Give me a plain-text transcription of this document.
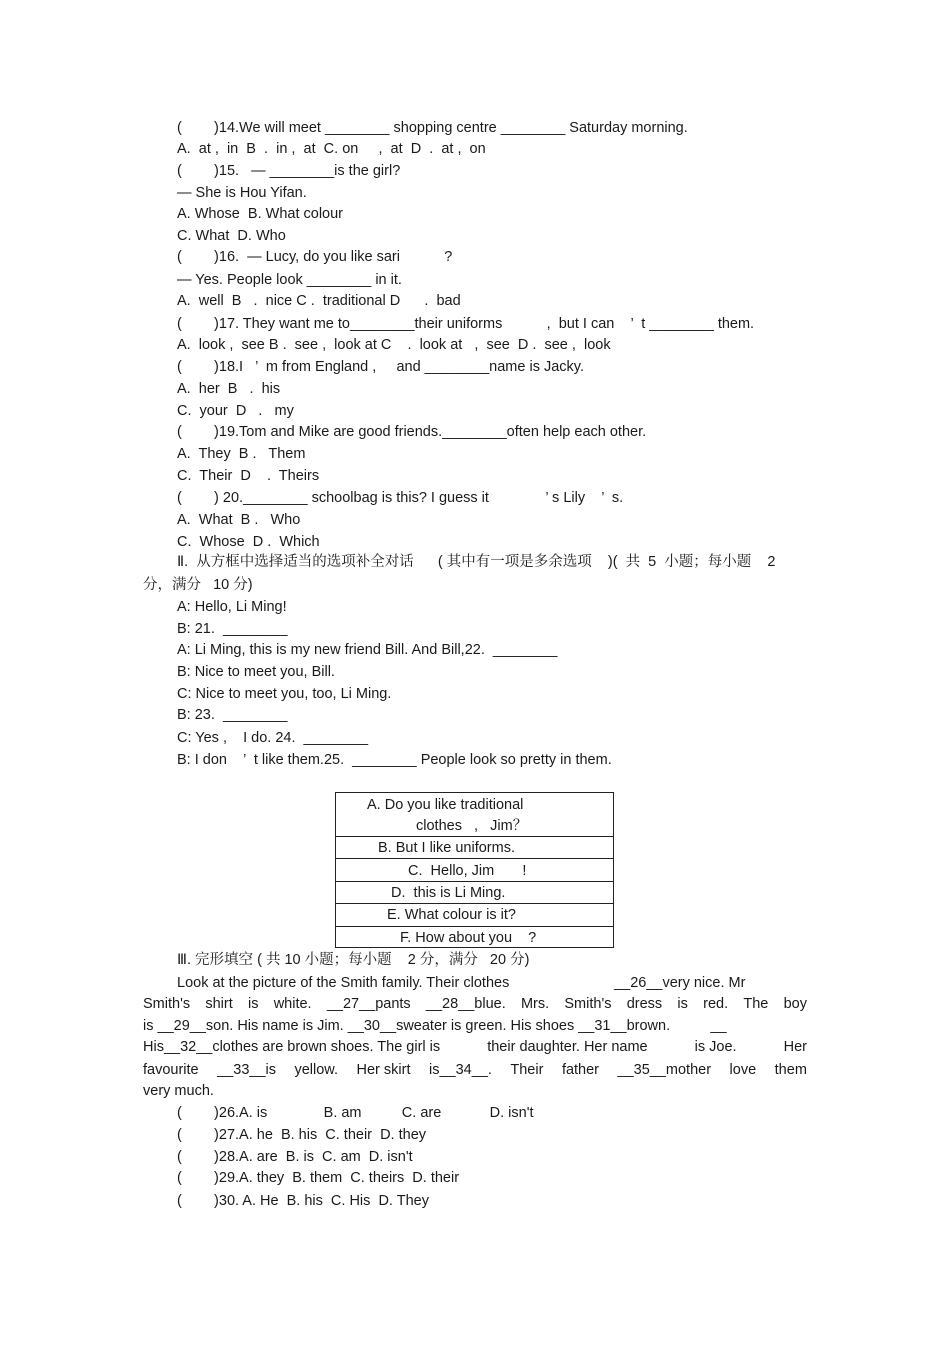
(        )14.We will meet ________ shopping centre ________ Saturday morning.
A.  at ,  in  B  .  in ,  at  C. on     ,  at  D  .  at ,  on
(        )15.   — ________is the girl?
— She is Hou Yifan.
A. Whose  B. What colour
C. What  D. Who
(        )16.  — Lucy, do you like sari           ?
— Yes. People look ________ in it.
A.  well  B   .  nice C .  traditional D      .  bad
(        )17. They want me to________their uniforms           ,  but I can    ’  t ________ them.
A.  look ,  see B .  see ,  look at C    .  look at   ,  see  D .  see ,  look
(        )18.I   ’  m from England ,     and ________name is Jacky.
A.  her  B   .  his
C.  your  D   .   my
(        )19.Tom and Mike are good friends.________often help each other.
A.  They  B .   Them
C.  Their  D    .  Theirs
(        ) 20.________ schoolbag is this? I guess it              ’ s Lily    ’  s.
A.  What  B .   Who
C.  Whose  D .  Which
Ⅱ.  从方框中选择适当的选项补全对话      ( 其中有一项是多余选项    )(  共  5  小题；每小题    2
分，满分   10 分)
A: Hello, Li Ming!
B: 21.  ________
A: Li Ming, this is my new friend Bill. And Bill,22.  ________
B: Nice to meet you, Bill.
C: Nice to meet you, too, Li Ming.
B: 23.  ________
C: Yes ,    I do. 24.  ________
B: I don    ’  t like them.25.  ________ People look so pretty in them.
A. Do you like traditional
clothes   ,   Jim？
B. But I like uniforms.
C.  Hello, Jim       !
D.  this is Li Ming.
E. What colour is it?
F. How about you    ?
Ⅲ. 完形填空 ( 共 10 小题；每小题    2 分，满分   20 分)
Look at the picture of the Smith family. Their clothes                          __26__very nice. Mr
Smith's shirt is white. __27__pants __28__blue. Mrs. Smith's dress is red. The boy
is __29__son. His name is Jim. __30__sweater is green. His shoes __31__brown.          __
His__32__clothes are brown shoes. The girl is	their daughter. Her name	is Joe.	Her
favourite __33__is yellow. Her skirt is__34__. Their father __35__mother love them
very much.
(        )26.A. is              B. am          C. are            D. isn't
(        )27.A. he  B. his  C. their  D. they
(        )28.A. are  B. is  C. am  D. isn't
(        )29.A. they  B. them  C. theirs  D. their
(        )30. A. He  B. his  C. His  D. They
